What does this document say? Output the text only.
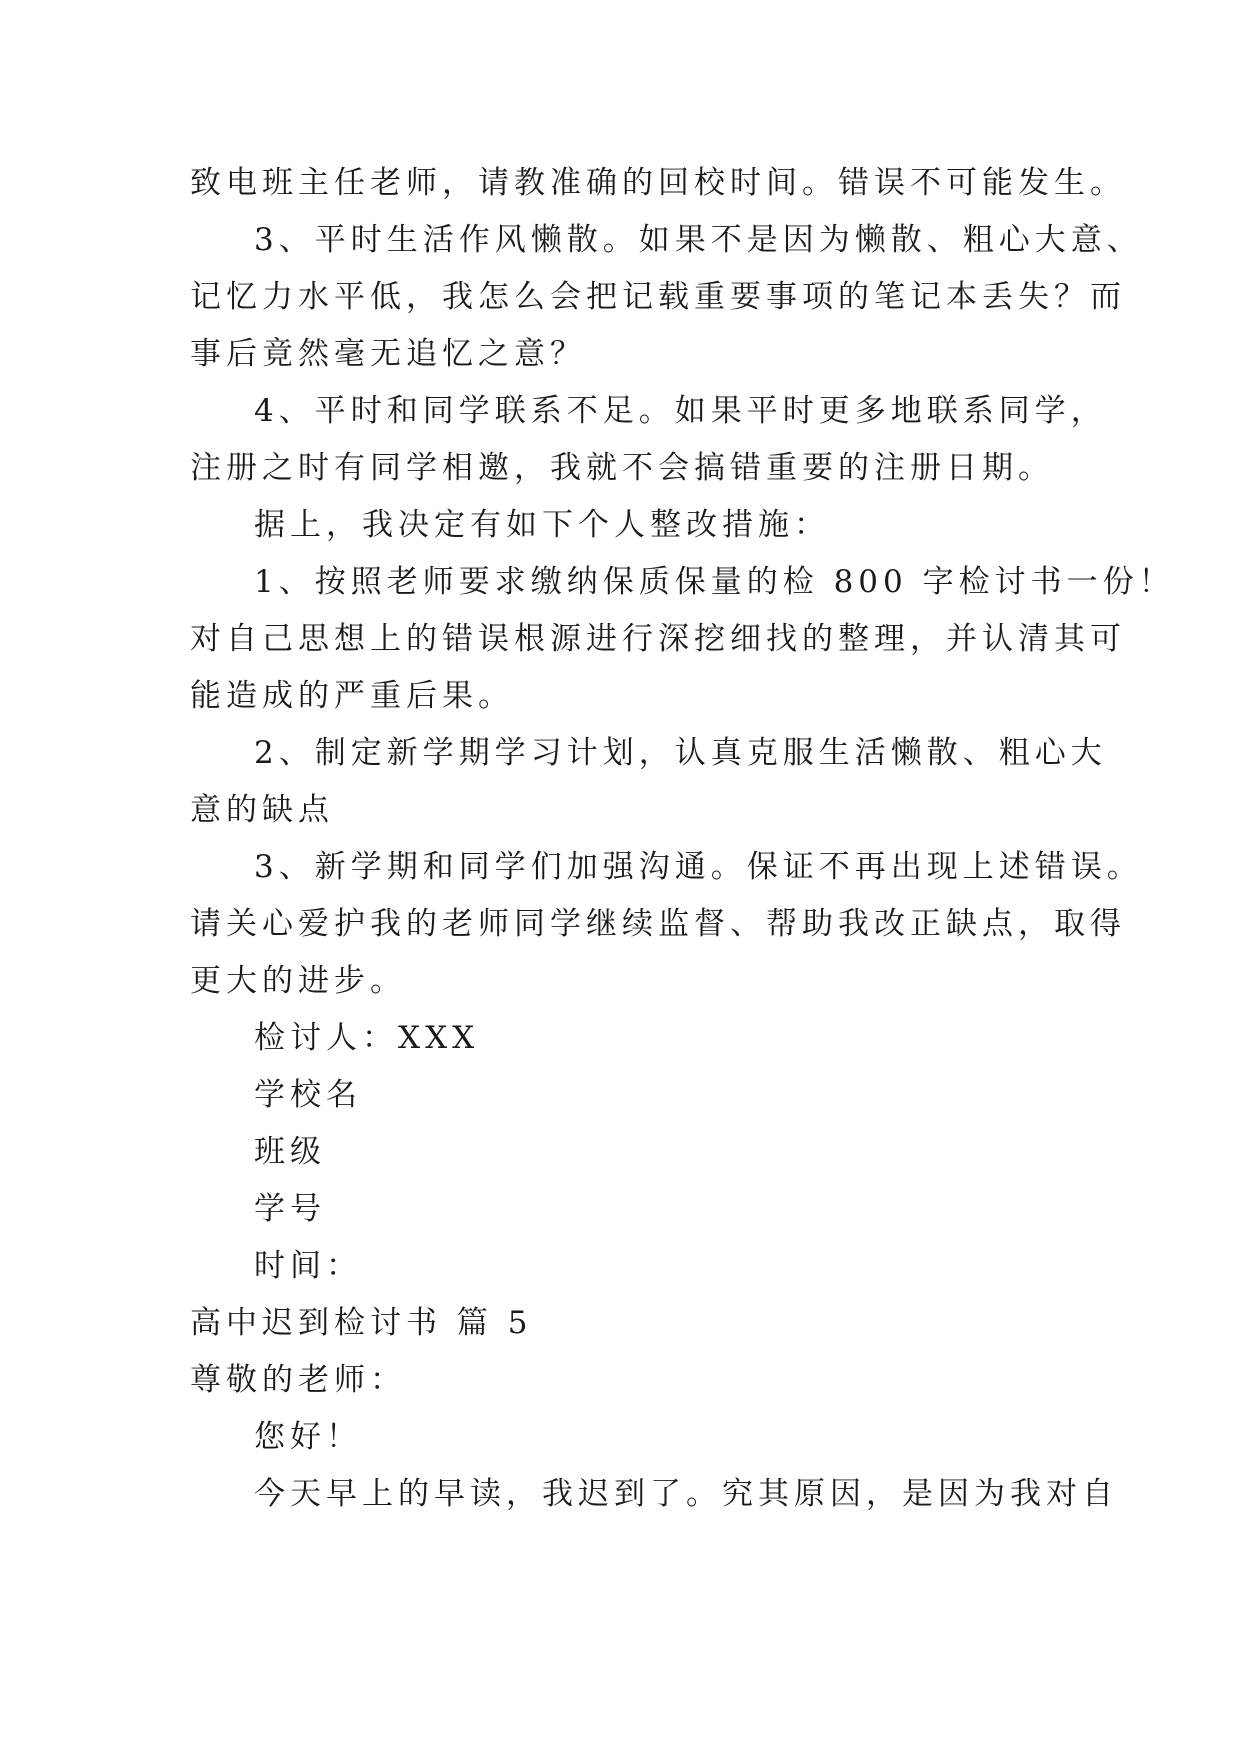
致电班主任老师，请教准确的回校时间。错误不可能发生。
3、平时生活作风懒散。如果不是因为懒散、粗心大意、
记忆力水平低，我怎么会把记载重要事项的笔记本丢失？而
事后竟然毫无追忆之意？
4、平时和同学联系不足。如果平时更多地联系同学，
注册之时有同学相邀，我就不会搞错重要的注册日期。
据上，我决定有如下个人整改措施：
1、按照老师要求缴纳保质保量的检 800 字检讨书一份！
对自己思想上的错误根源进行深挖细找的整理，并认清其可
能造成的严重后果。
2、制定新学期学习计划，认真克服生活懒散、粗心大
意的缺点
3、新学期和同学们加强沟通。保证不再出现上述错误。
请关心爱护我的老师同学继续监督、帮助我改正缺点，取得
更大的进步。
检讨人：XXX
学校名
班级
学号
时间：
高中迟到检讨书 篇 5
尊敬的老师：
您好！
今天早上的早读，我迟到了。究其原因，是因为我对自
